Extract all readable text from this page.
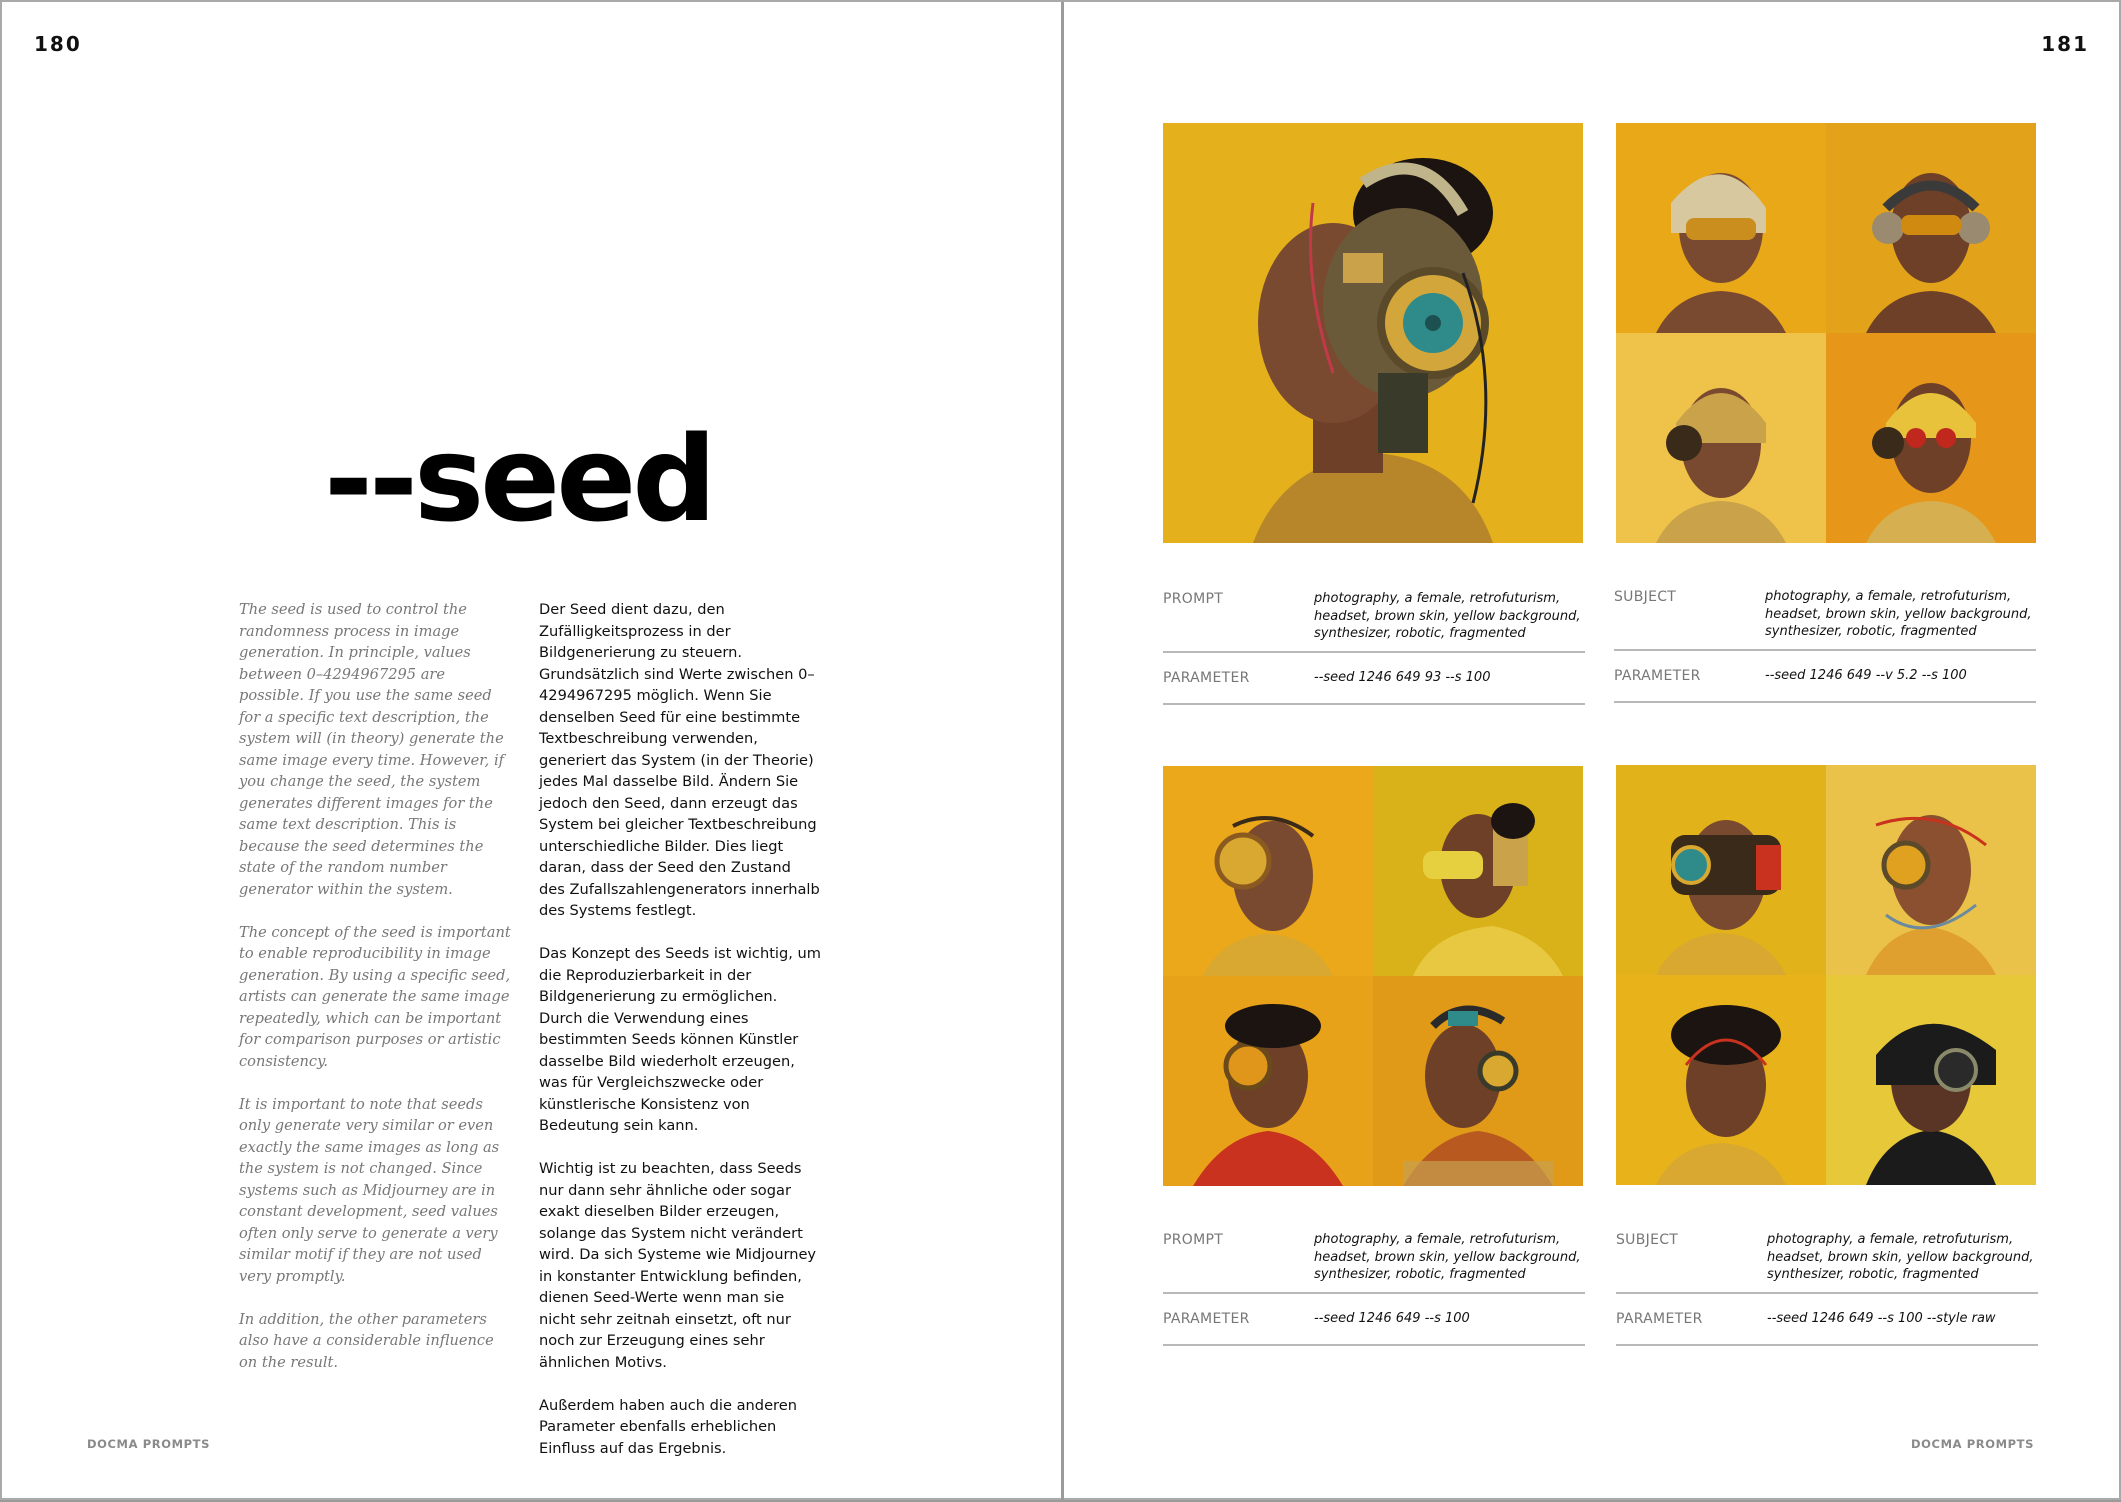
180
--seed

The seed is used to control the randomness process in image generation. In principle, values between 0–4294967295 are possible. If you use the same seed for a specific text description, the system will (in theory) generate the same image every time. However, if you change the seed, the system generates different images for the same text description. This is because the seed determines the state of the random number generator within the system.

The concept of the seed is important to enable reproducibility in image generation. By using a specific seed, artists can generate the same image repeatedly, which can be important for comparison purposes or artistic consistency.

It is important to note that seeds only generate very similar or even exactly the same images as long as the system is not changed. Since systems such as Midjourney are in constant development, seed values often only serve to generate a very similar motif if they are not used very promptly.

In addition, the other parameters also have a considerable influence on the result.

Der Seed dient dazu, den Zufälligkeitsprozess in der Bildgenerierung zu steuern. Grundsätzlich sind Werte zwischen 0–4294967295 möglich. Wenn Sie denselben Seed für eine bestimmte Textbeschreibung verwenden, generiert das System (in der Theorie) jedes Mal dasselbe Bild. Ändern Sie jedoch den Seed, dann erzeugt das System bei gleicher Textbeschreibung unterschiedliche Bilder. Dies liegt daran, dass der Seed den Zustand des Zufallszahlengenerators innerhalb des Systems festlegt.

Das Konzept des Seeds ist wichtig, um die Reproduzierbarkeit in der Bildgenerierung zu ermöglichen. Durch die Verwendung eines bestimmten Seeds können Künstler dasselbe Bild wiederholt erzeugen, was für Vergleichszwecke oder künstlerische Konsistenz von Bedeutung sein kann.

Wichtig ist zu beachten, dass Seeds nur dann sehr ähnliche oder sogar exakt dieselben Bilder erzeugen, solange das System nicht verändert wird. Da sich Systeme wie Midjourney in konstanter Entwicklung befinden, dienen Seed-Werte wenn man sie nicht sehr zeitnah einsetzt, oft nur noch zur Erzeugung eines sehr ähnlichen Motivs.

Außerdem haben auch die anderen Parameter ebenfalls erheblichen Einfluss auf das Ergebnis.

DOCMA PROMPTS
PROMPT	photography, a female, retrofuturism, headset, brown skin, yellow background, synthesizer, robotic, fragmented
PARAMETER	--seed 1246 649 93 --s 100
SUBJECT	photography, a female, retrofuturism, headset, brown skin, yellow background, synthesizer, robotic, fragmented
PARAMETER	--seed 1246 649 --v 5.2 --s 100
PROMPT	photography, a female, retrofuturism, headset, brown skin, yellow background, synthesizer, robotic, fragmented
PARAMETER	--seed 1246 649 --s 100
SUBJECT	photography, a female, retrofuturism, headset, brown skin, yellow background, synthesizer, robotic, fragmented
PARAMETER	--seed 1246 649 --s 100 --style raw
181
DOCMA PROMPTS
